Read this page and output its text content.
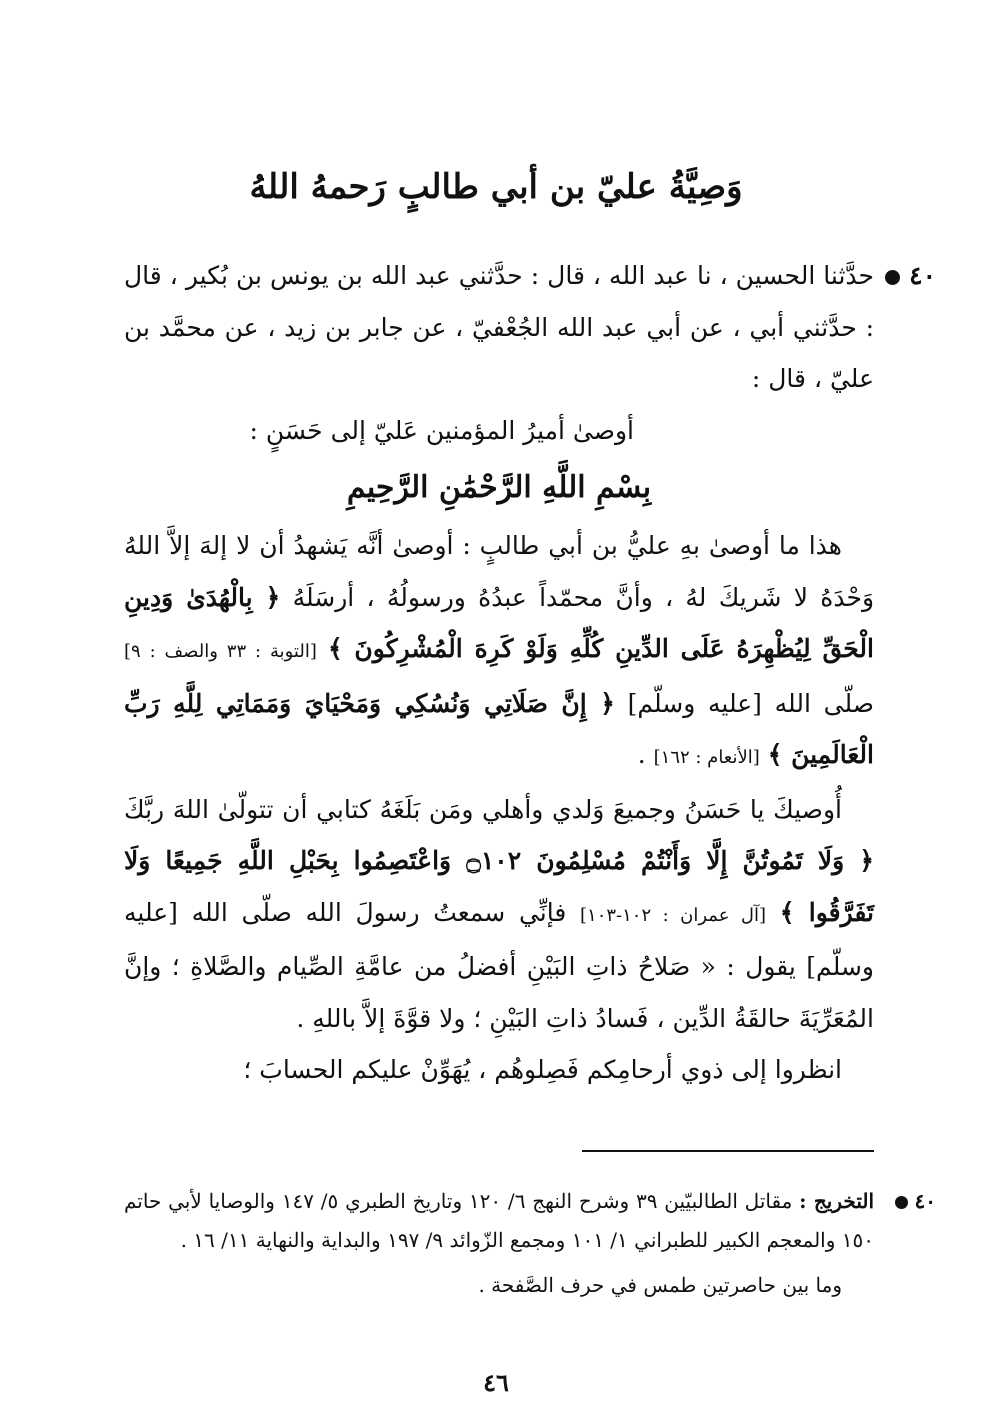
وَصِيَّةُ عليّ بن أبي طالبٍ رَحمهُ اللهُ

٤٠
حدَّثنا الحسين ، نا عبد الله ، قال : حدَّثني عبد الله بن يونس بن بُكير ، قال : حدَّثني أبي ، عن أبي عبد الله الجُعْفيّ ، عن جابر بن زيد ، عن محمَّد بن عليّ ، قال :

أوصىٰ أميرُ المؤمنين عَليّ إلى حَسَنٍ :

بِسْمِ اللَّهِ الرَّحْمَٰنِ الرَّحِيمِ

هذا ما أوصىٰ بهِ عليُّ بن أبي طالبٍ : أوصىٰ أنَّه يَشهدُ أن لا إلهَ إلاَّ اللهُ وَحْدَهُ لا شَريكَ لهُ ، وأنَّ محمّداً عبدُهُ ورسولُهُ ، أرسَلَهُ ﴿ بِالْهُدَىٰ وَدِينِ الْحَقِّ لِيُظْهِرَهُ عَلَى الدِّينِ كُلِّهِ وَلَوْ كَرِهَ الْمُشْرِكُونَ ﴾ [التوبة : ٣٣ والصف : ٩] صلّى الله [عليه وسلّم] ﴿ إِنَّ صَلَاتِي وَنُسُكِي وَمَحْيَايَ وَمَمَاتِي لِلَّهِ رَبِّ الْعَالَمِينَ ﴾ [الأنعام : ١٦٢] .

أُوصيكَ يا حَسَنُ وجميعَ وَلدي وأهلي ومَن بَلَغَهُ كتابي أن تتولّىٰ اللهَ ربَّكَ ﴿ وَلَا تَمُوتُنَّ إِلَّا وَأَنْتُمْ مُسْلِمُونَ ۝١٠٢ وَاعْتَصِمُوا بِحَبْلِ اللَّهِ جَمِيعًا وَلَا تَفَرَّقُوا ﴾ [آل عمران : ١٠٢-١٠٣] فإنِّي سمعتُ رسولَ الله صلّى الله [عليه وسلّم] يقول : « صَلاحُ ذاتِ البَيْنِ أفضلُ من عامَّةِ الصِّيام والصَّلاةِ ؛ وإنَّ المُعَرِّيَةَ حالقَةُ الدِّين ، فَسادُ ذاتِ البَيْنِ ؛ ولا قوَّةَ إلاَّ باللهِ .

انظروا إلى ذوي أرحامِكم فَصِلوهُم ، يُهَوِّنْ عليكم الحسابَ ؛

٤٠
التخريج : مقاتل الطالبيّين ٣٩ وشرح النهج ٦/ ١٢٠ وتاريخ الطبري ٥/ ١٤٧ والوصايا لأبي حاتم ١٥٠ والمعجم الكبير للطبراني ١/ ١٠١ ومجمع الزّوائد ٩/ ١٩٧ والبداية والنهاية ١١/ ١٦ .

وما بين حاصرتين طمس في حرف الصَّفحة .

٤٦
